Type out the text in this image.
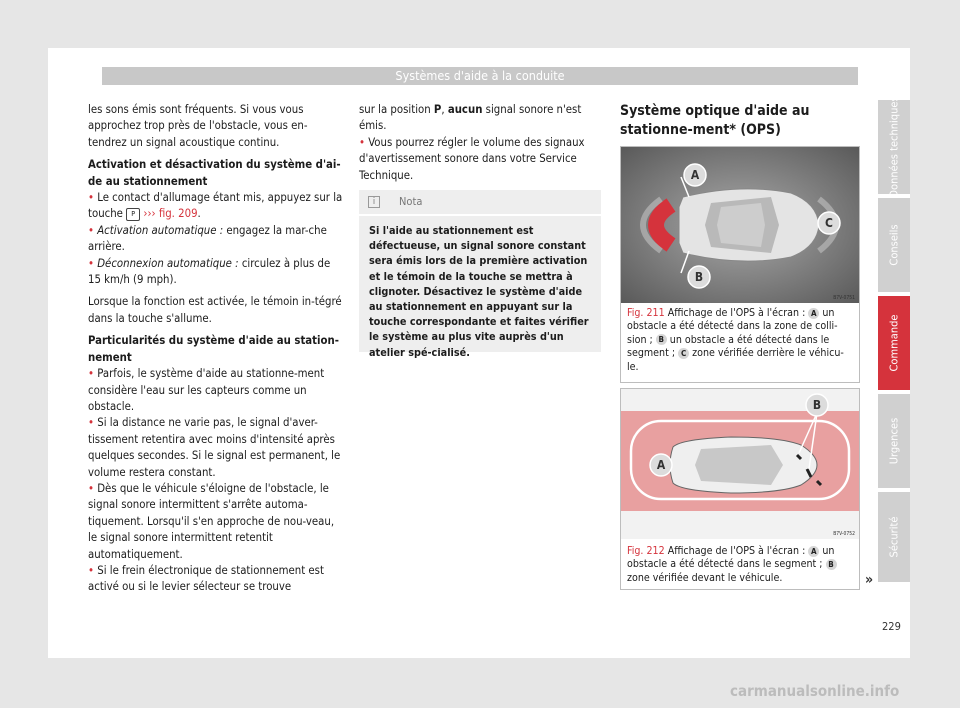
Systèmes d'aide à la conduite

les sons émis sont fréquents. Si vous vous approchez trop près de l'obstacle, vous en-tendrez un signal acoustique continu.

Activation et désactivation du système d'ai-de au stationnement

• Le contact d'allumage étant mis, appuyez sur la touche P ››› fig. 209.

• Activation automatique : engagez la mar-che arrière.

• Déconnexion automatique : circulez à plus de 15 km/h (9 mph).

Lorsque la fonction est activée, le témoin in-tégré dans la touche s'allume.

Particularités du système d'aide au station-nement

• Parfois, le système d'aide au stationne-ment considère l'eau sur les capteurs comme un obstacle.

• Si la distance ne varie pas, le signal d'aver-tissement retentira avec moins d'intensité après quelques secondes. Si le signal est permanent, le volume restera constant.

• Dès que le véhicule s'éloigne de l'obstacle, le signal sonore intermittent s'arrête automa-tiquement. Lorsqu'il s'en approche de nou-veau, le signal sonore intermittent retentit automatiquement.

• Si le frein électronique de stationnement est activé ou si le levier sélecteur se trouve

sur la position P, aucun signal sonore n'est émis.

• Vous pourrez régler le volume des signaux d'avertissement sonore dans votre Service Technique.

i	Nota
Si l'aide au stationnement est défectueuse, un signal sonore constant sera émis lors de la première activation et le témoin de la touche se mettra à clignoter. Désactivez le système d'aide au stationnement en appuyant sur la touche correspondante et faites vérifier le système au plus vite auprès d'un atelier spé-cialisé.
Système optique d'aide au stationne-ment* (OPS)
A
B
C
B7V-0751
Fig. 211 Affichage de l'OPS à l'écran : A un obstacle a été détecté dans la zone de colli-sion ; B un obstacle a été détecté dans le segment ; C zone vérifiée derrière le véhicu-le.
B
A
B7V-0752
Fig. 212 Affichage de l'OPS à l'écran : A un obstacle a été détecté dans le segment ; B zone vérifiée devant le véhicule.	»
Données techniques
Conseils
Commande
Urgences
Sécurité
229
carmanualsonline.info
